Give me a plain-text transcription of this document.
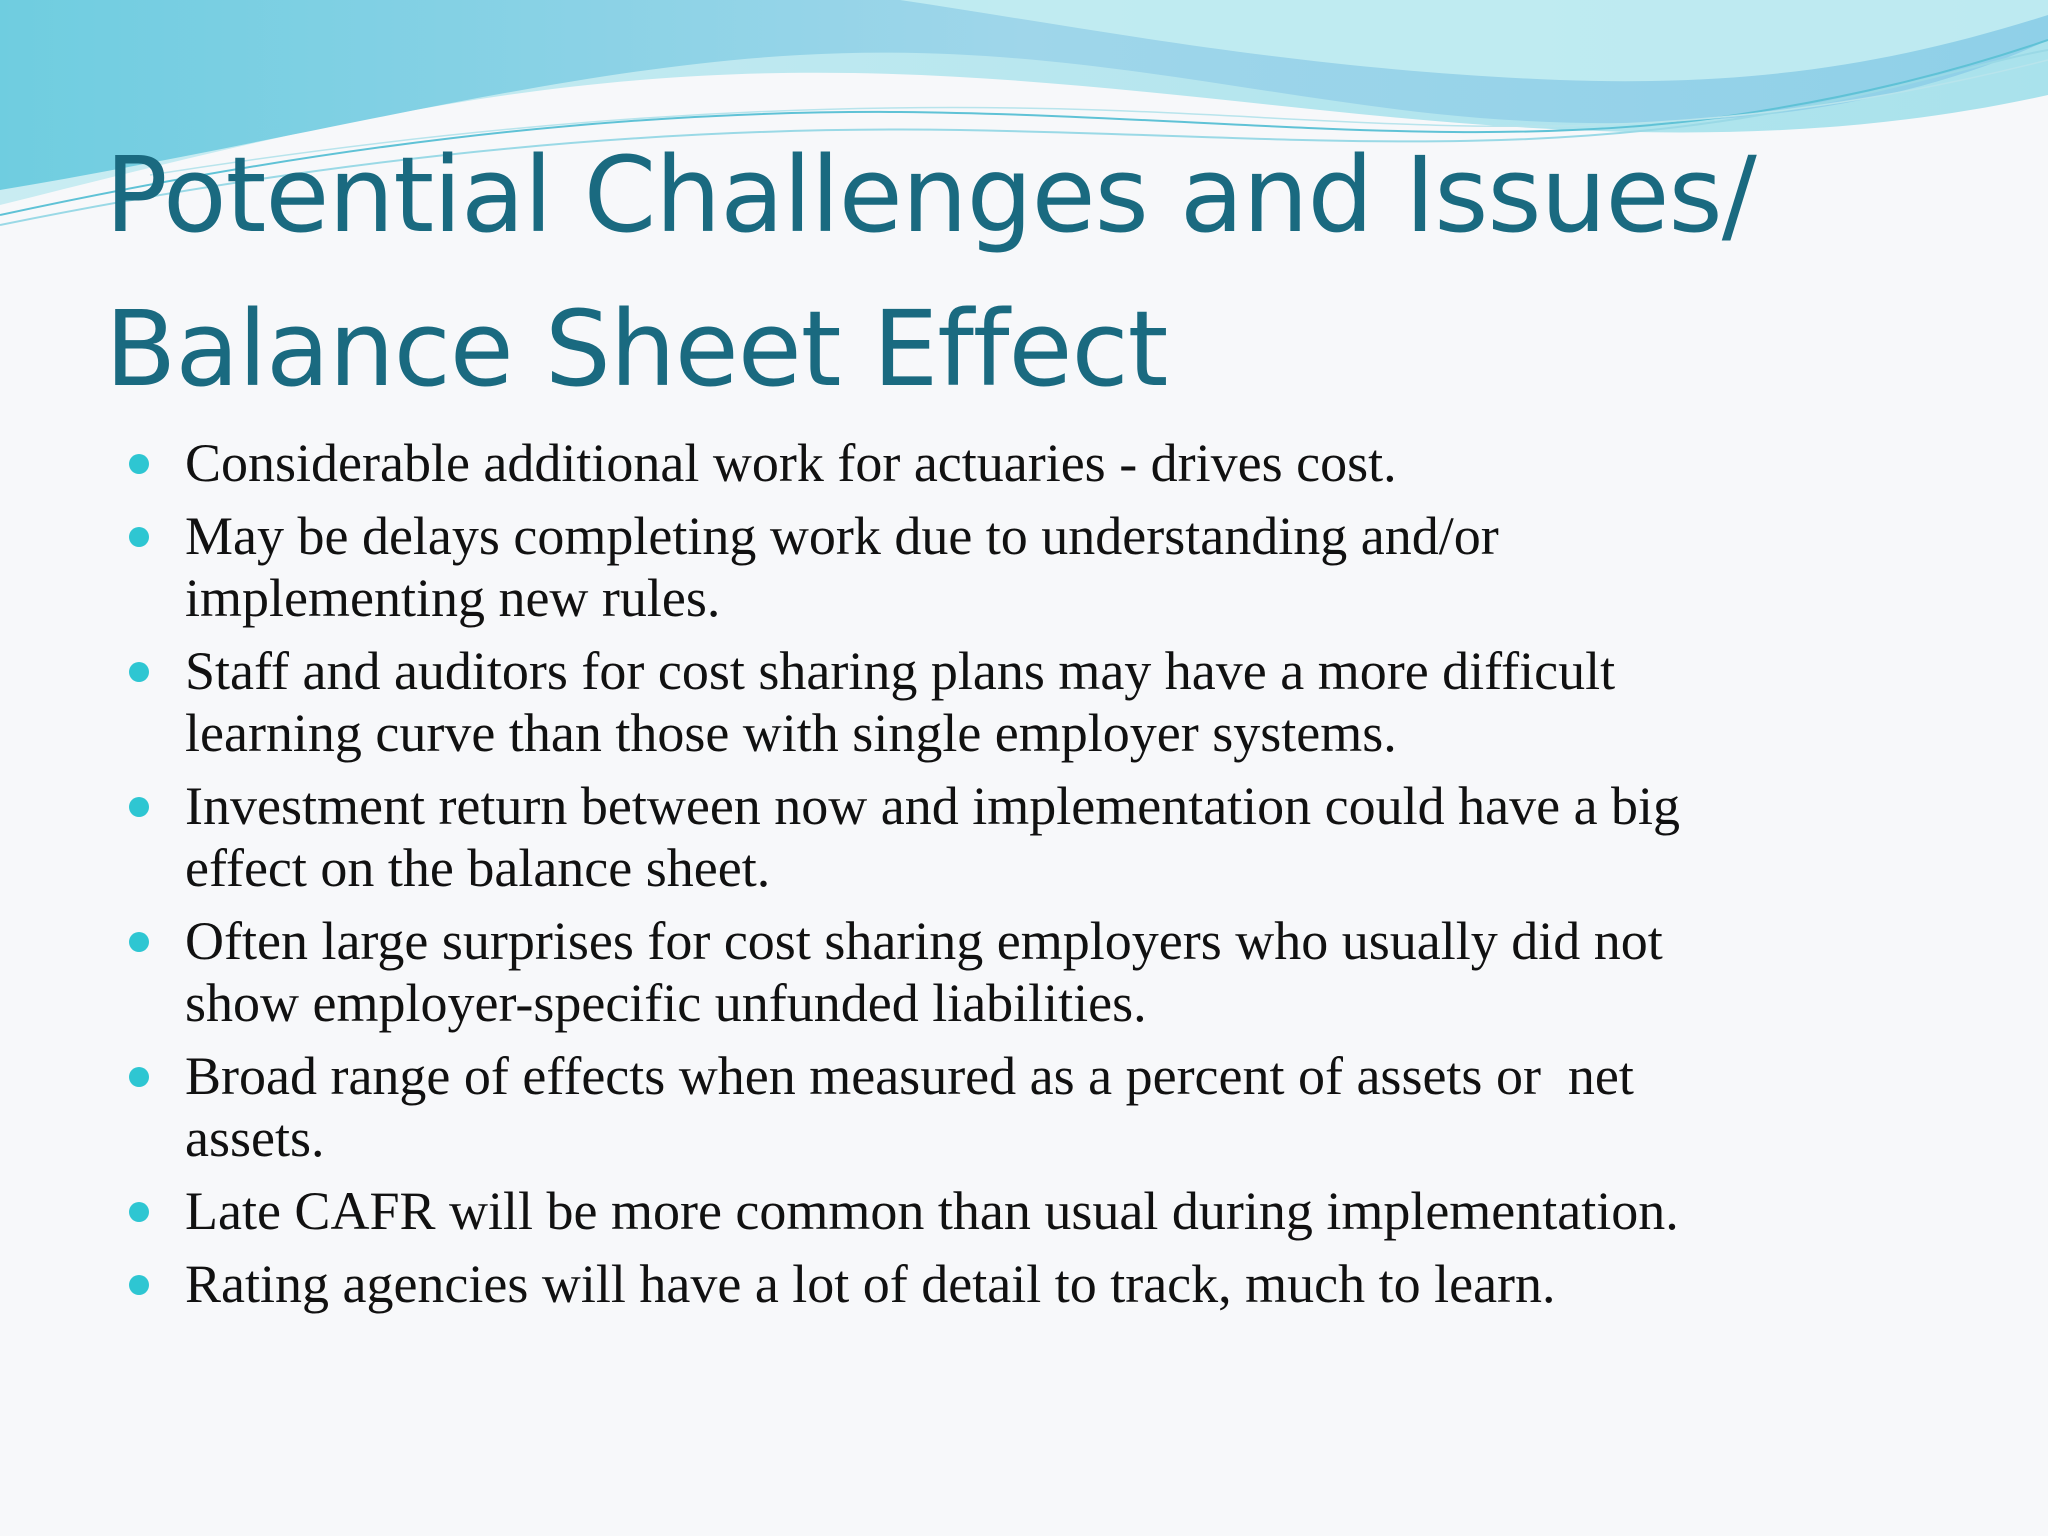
Potential Challenges and Issues/
Balance Sheet Effect
Considerable additional work for actuaries - drives cost.
May be delays completing work due to understanding and/or
implementing new rules.
Staff and auditors for cost sharing plans may have a more difficult
learning curve than those with single employer systems.
Investment return between now and implementation could have a big
effect on the balance sheet.
Often large surprises for cost sharing employers who usually did not
show employer-specific unfunded liabilities.
Broad range of effects when measured as a percent of assets or  net
assets.
Late CAFR will be more common than usual during implementation.
Rating agencies will have a lot of detail to track, much to learn.
